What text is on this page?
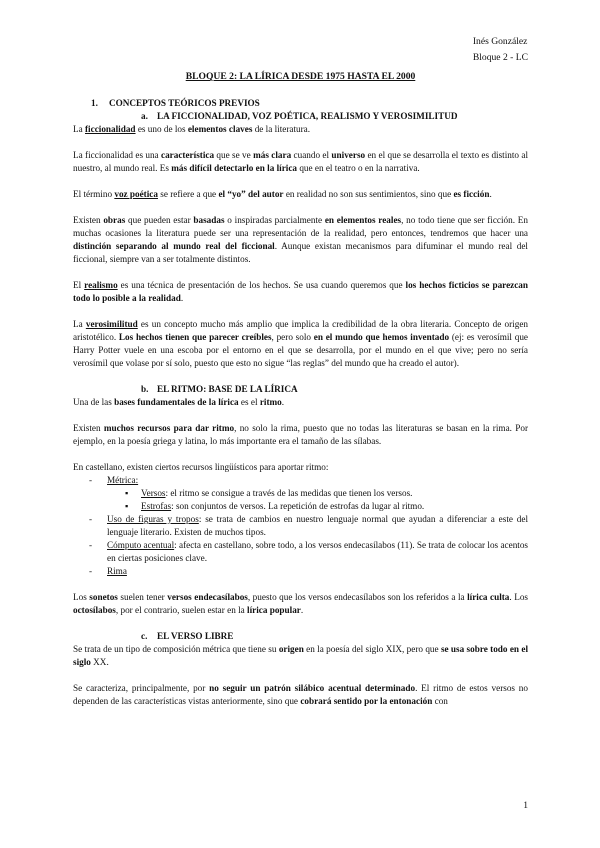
Inés González
Bloque 2 - LC
BLOQUE 2: LA LÍRICA DESDE 1975 HASTA EL 2000
1. CONCEPTOS TEÓRICOS PREVIOS
a. LA FICCIONALIDAD, VOZ POÉTICA, REALISMO Y VEROSIMILITUD

La ficcionalidad es uno de los elementos claves de la literatura.

La ficcionalidad es una característica que se ve más clara cuando el universo en el que se desarrolla el texto es distinto al nuestro, al mundo real. Es más difícil detectarlo en la lírica que en el teatro o en la narrativa.

El término voz poética se refiere a que el “yo” del autor en realidad no son sus sentimientos, sino que es ficción.

Existen obras que pueden estar basadas o inspiradas parcialmente en elementos reales, no todo tiene que ser ficción. En muchas ocasiones la literatura puede ser una representación de la realidad, pero entonces, tendremos que hacer una distinción separando al mundo real del ficcional. Aunque existan mecanismos para difuminar el mundo real del ficcional, siempre van a ser totalmente distintos.

El realismo es una técnica de presentación de los hechos. Se usa cuando queremos que los hechos ficticios se parezcan todo lo posible a la realidad.

La verosimilitud es un concepto mucho más amplio que implica la credibilidad de la obra literaria. Concepto de origen aristotélico. Los hechos tienen que parecer creíbles, pero solo en el mundo que hemos inventado (ej: es verosímil que Harry Potter vuele en una escoba por el entorno en el que se desarrolla, por el mundo en el que vive; pero no sería verosímil que volase por sí solo, puesto que esto no sigue “las reglas” del mundo que ha creado el autor).

b. EL RITMO: BASE DE LA LÍRICA

Una de las bases fundamentales de la lírica es el ritmo.

Existen muchos recursos para dar ritmo, no solo la rima, puesto que no todas las literaturas se basan en la rima. Por ejemplo, en la poesía griega y latina, lo más importante era el tamaño de las sílabas.

En castellano, existen ciertos recursos lingüísticos para aportar ritmo:

- Métrica:
▪ Versos: el ritmo se consigue a través de las medidas que tienen los versos.
▪ Estrofas: son conjuntos de versos. La repetición de estrofas da lugar al ritmo.
- Uso de figuras y tropos: se trata de cambios en nuestro lenguaje normal que ayudan a diferenciar a este del lenguaje literario. Existen de muchos tipos.
- Cómputo acentual: afecta en castellano, sobre todo, a los versos endecasílabos (11). Se trata de colocar los acentos en ciertas posiciones clave.
- Rima

Los sonetos suelen tener versos endecasílabos, puesto que los versos endecasílabos son los referidos a la lírica culta. Los octosílabos, por el contrario, suelen estar en la lírica popular.

c. EL VERSO LIBRE

Se trata de un tipo de composición métrica que tiene su origen en la poesía del siglo XIX, pero que se usa sobre todo en el siglo XX.

Se caracteriza, principalmente, por no seguir un patrón silábico acentual determinado. El ritmo de estos versos no dependen de las características vistas anteriormente, sino que cobrará sentido por la entonación con

1
